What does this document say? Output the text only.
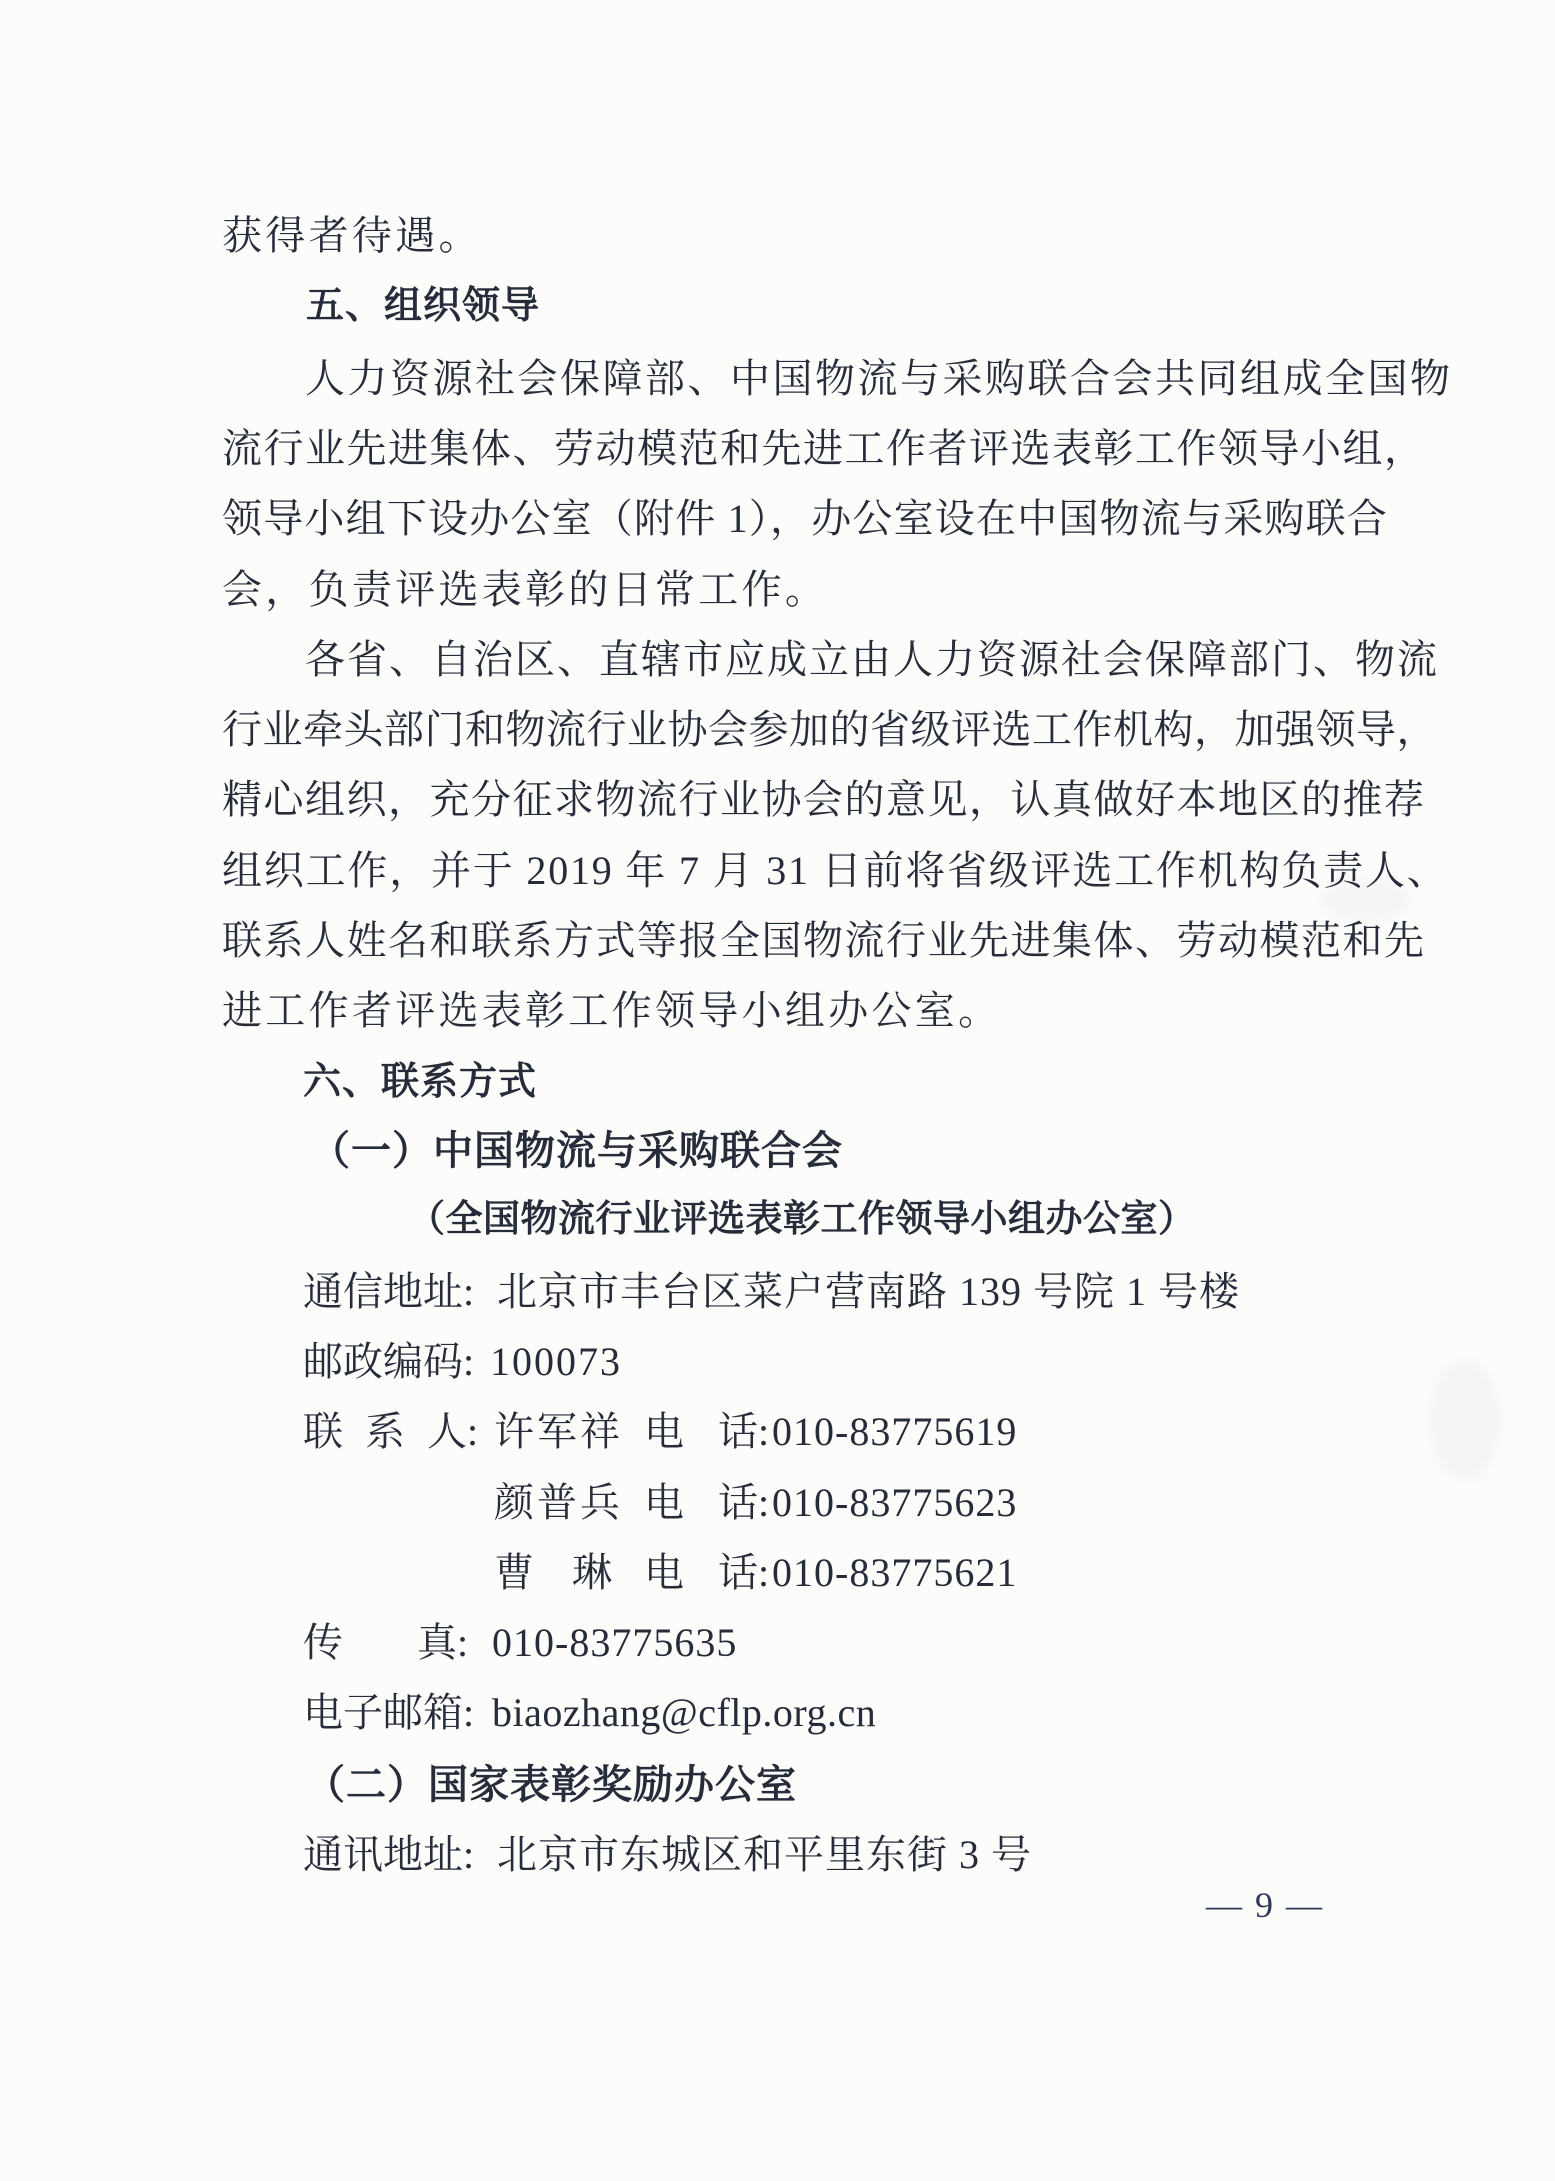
获得者待遇。
五、组织领导
人力资源社会保障部、中国物流与采购联合会共同组成全国物
流行业先进集体、劳动模范和先进工作者评选表彰工作领导小组，
领导小组下设办公室（附件 1），办公室设在中国物流与采购联合
会，负责评选表彰的日常工作。
各省、自治区、直辖市应成立由人力资源社会保障部门、物流
行业牵头部门和物流行业协会参加的省级评选工作机构，加强领导，
精心组织，充分征求物流行业协会的意见，认真做好本地区的推荐
组织工作，并于 2019 年 7 月 31 日前将省级评选工作机构负责人、
联系人姓名和联系方式等报全国物流行业先进集体、劳动模范和先
进工作者评选表彰工作领导小组办公室。
六、联系方式
（一）中国物流与采购联合会
（全国物流行业评选表彰工作领导小组办公室）
通信地址: 北京市丰台区菜户营南路 139 号院 1 号楼
邮政编码: 100073
联 系 人: 许军祥 电 话: 010-83775619
颜普兵 电 话: 010-83775623
曹 琳 电 话: 010-83775621
传 真: 010-83775635
电子邮箱: biaozhang@cflp.org.cn
（二）国家表彰奖励办公室
通讯地址: 北京市东城区和平里东街 3 号
— 9 —
